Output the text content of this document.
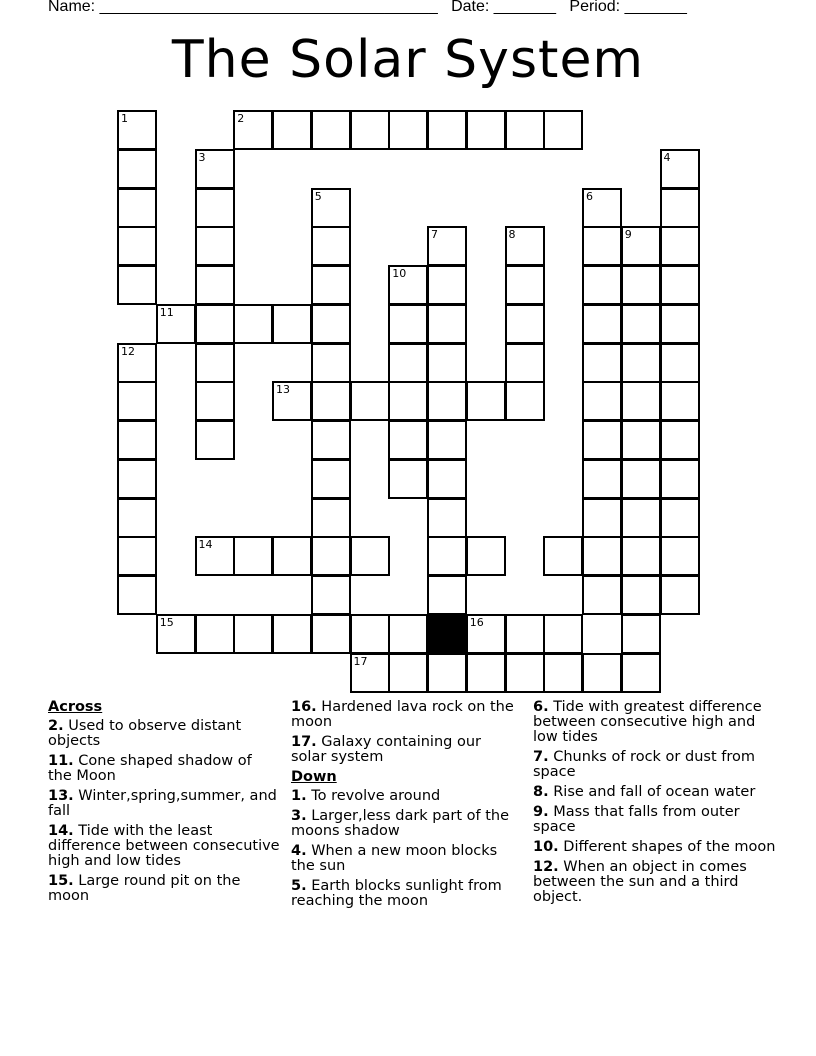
Name: ______________________________________ Date: _______ Period: _______
The Solar System
1	2
3	4
5	6
7	8	9
10
11
12
13
15	16
17
14
Across
2. Used to observe distant objects
11. Cone shaped shadow of the Moon
13. Winter,spring,summer, and fall
14. Tide with the least difference between consecutive high and low tides
15. Large round pit on the moon
16. Hardened lava rock on the moon
17. Galaxy containing our solar system
Down
1. To revolve around
3. Larger,less dark part of the moons shadow
4. When a new moon blocks the sun
5. Earth blocks sunlight from reaching the moon
6. Tide with greatest difference between consecutive high and low tides
7. Chunks of rock or dust from space
8. Rise and fall of ocean water
9. Mass that falls from outer space
10. Different shapes of the moon
12. When an object in comes between the sun and a third object.
